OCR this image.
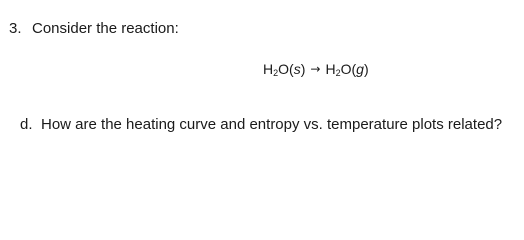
3. Consider the reaction:
$H_2O(s) \to H_2O(g)$
d. How are the heating curve and entropy vs. temperature plots related?
